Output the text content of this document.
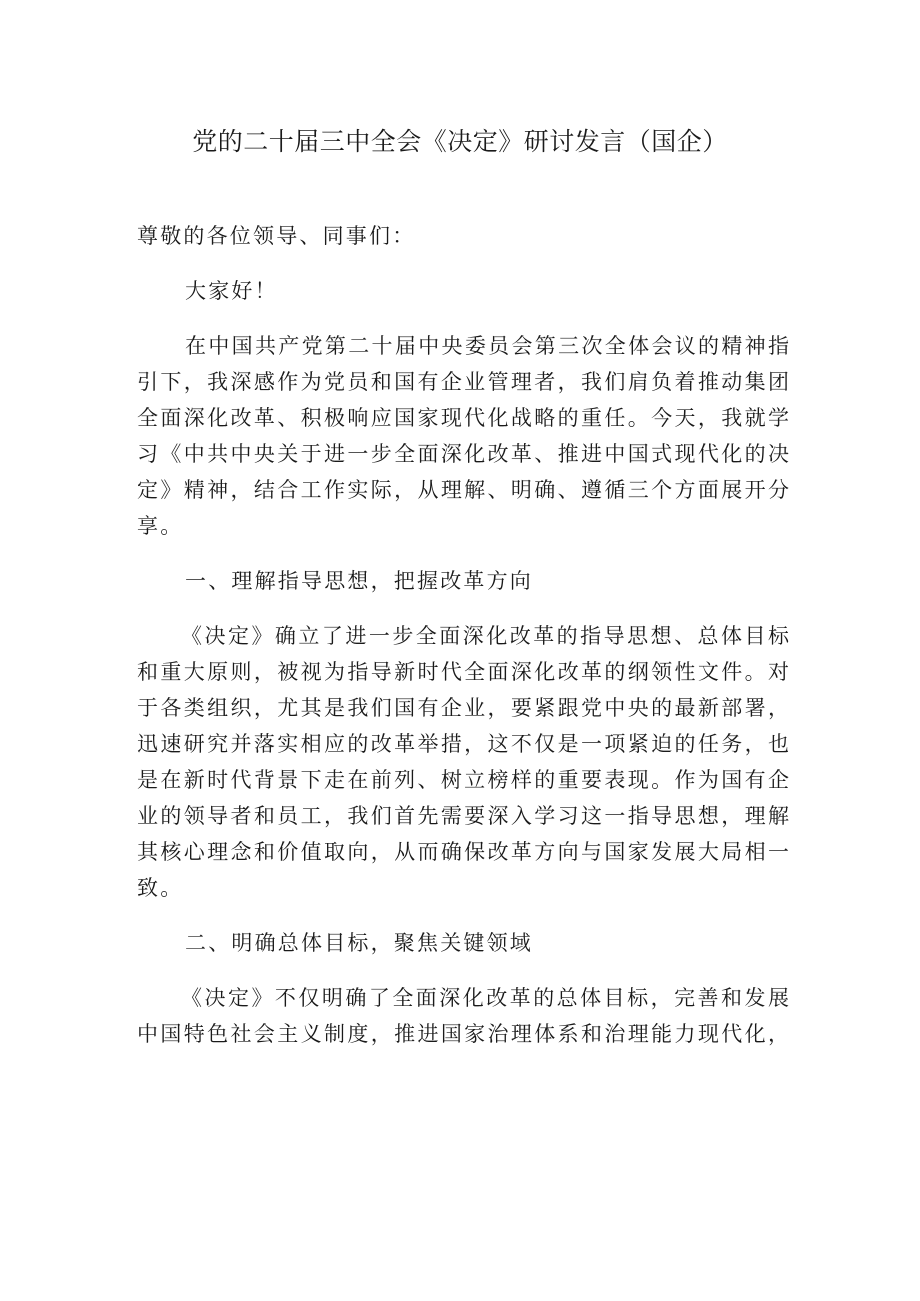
党的二十届三中全会《决定》研讨发言（国企）
尊敬的各位领导、同事们：
大家好！
在中国共产党第二十届中央委员会第三次全体会议的精神指
引下，我深感作为党员和国有企业管理者，我们肩负着推动集团
全面深化改革、积极响应国家现代化战略的重任。今天，我就学
习《中共中央关于进一步全面深化改革、推进中国式现代化的决
定》精神，结合工作实际，从理解、明确、遵循三个方面展开分
享。
一、理解指导思想，把握改革方向
《决定》确立了进一步全面深化改革的指导思想、总体目标
和重大原则，被视为指导新时代全面深化改革的纲领性文件。对
于各类组织，尤其是我们国有企业，要紧跟党中央的最新部署，
迅速研究并落实相应的改革举措，这不仅是一项紧迫的任务，也
是在新时代背景下走在前列、树立榜样的重要表现。作为国有企
业的领导者和员工，我们首先需要深入学习这一指导思想，理解
其核心理念和价值取向，从而确保改革方向与国家发展大局相一
致。
二、明确总体目标，聚焦关键领域
《决定》不仅明确了全面深化改革的总体目标，完善和发展
中国特色社会主义制度，推进国家治理体系和治理能力现代化，
